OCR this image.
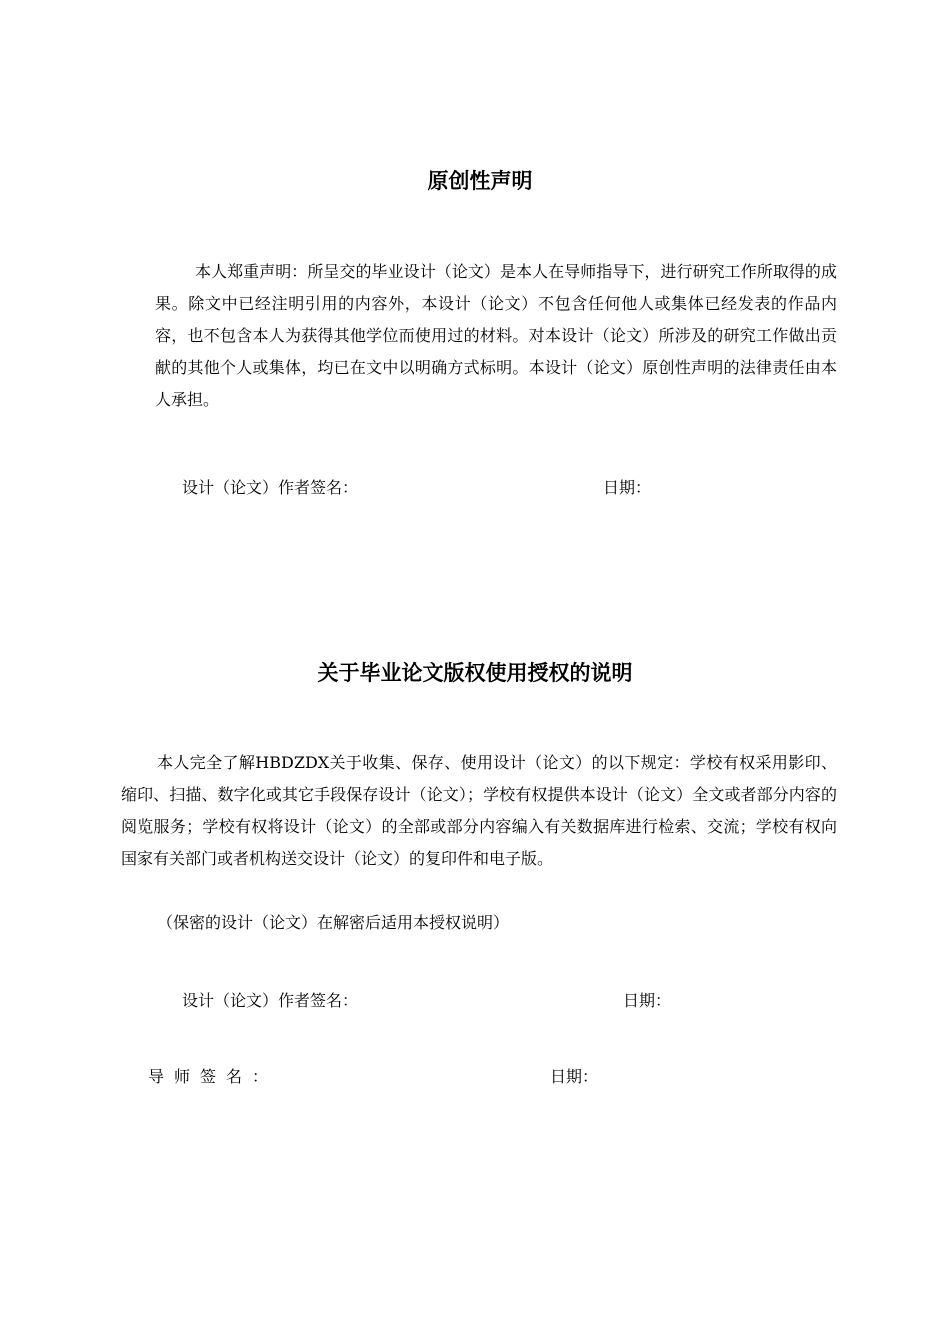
原创性声明

本人郑重声明：所呈交的毕业设计（论文）是本人在导师指导下，进行研究工作所取得的成果。除文中已经注明引用的内容外，本设计（论文）不包含任何他人或集体已经发表的作品内容，也不包含本人为获得其他学位而使用过的材料。对本设计（论文）所涉及的研究工作做出贡献的其他个人或集体，均已在文中以明确方式标明。本设计（论文）原创性声明的法律责任由本人承担。

设计（论文）作者签名：	日期：
关于毕业论文版权使用授权的说明

本人完全了解HBDZDX关于收集、保存、使用设计（论文）的以下规定：学校有权采用影印、缩印、扫描、数字化或其它手段保存设计（论文）；学校有权提供本设计（论文）全文或者部分内容的阅览服务；学校有权将设计（论文）的全部或部分内容编入有关数据库进行检索、交流；学校有权向国家有关部门或者机构送交设计（论文）的复印件和电子版。

（保密的设计（论文）在解密后适用本授权说明）

设计（论文）作者签名：	日期：
导师签名：	日期：
